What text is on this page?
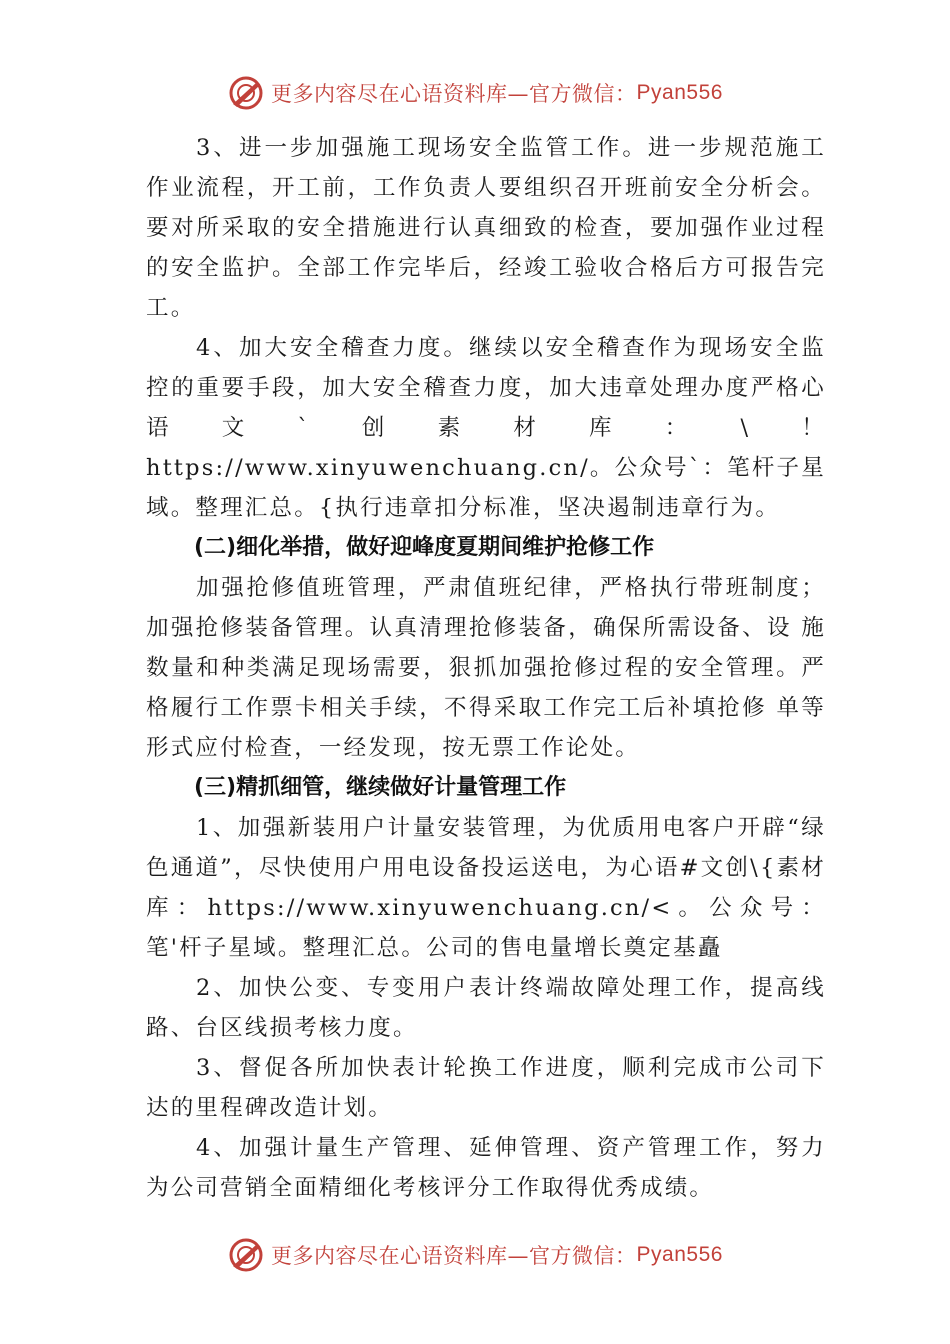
更多内容尽在心语资料库—官方微信： Pyan556

3、进一步加强施工现场安全监管工作。进一步规范施工作业流程，开工前，工作负责人要组织召开班前安全分析会。要对所采取的安全措施进行认真细致的检查，要加强作业过程的安全监护。全部工作完毕后，经竣工验收合格后方可报告完工。

4、加大安全稽查力度。继续以安全稽查作为现场安全监控的重要手段，加大安全稽查力度，加大违章处理办度严格心语文`创素材库：\！https://www.xinyuwenchuang.cn/。公众号`：笔杆子星域。整理汇总。{执行违章扣分标准，坚决遏制违章行为。

(二)细化举措，做好迎峰度夏期间维护抢修工作

加强抢修值班管理，严肃值班纪律，严格执行带班制度；加强抢修装备管理。认真清理抢修装备，确保所需设备、设 施数量和种类满足现场需要，狠抓加强抢修过程的安全管理。严格履行工作票卡相关手续，不得采取工作完工后补填抢修 单等形式应付检查，一经发现，按无票工作论处。

(三)精抓细管，继续做好计量管理工作

1、加强新装用户计量安装管理，为优质用电客户开辟“绿色通道”，尽快使用户用电设备投运送电，为心语#文创\{素材库：https://www.xinyuwenchuang.cn/<。公众号：笔'杆子星域。整理汇总。公司的售电量增长奠定基矗

2、加快公变、专变用户表计终端故障处理工作，提高线路、台区线损考核力度。

3、督促各所加快表计轮换工作进度，顺利完成市公司下达的里程碑改造计划。

4、加强计量生产管理、延伸管理、资产管理工作，努力为公司营销全面精细化考核评分工作取得优秀成绩。

更多内容尽在心语资料库—官方微信： Pyan556
